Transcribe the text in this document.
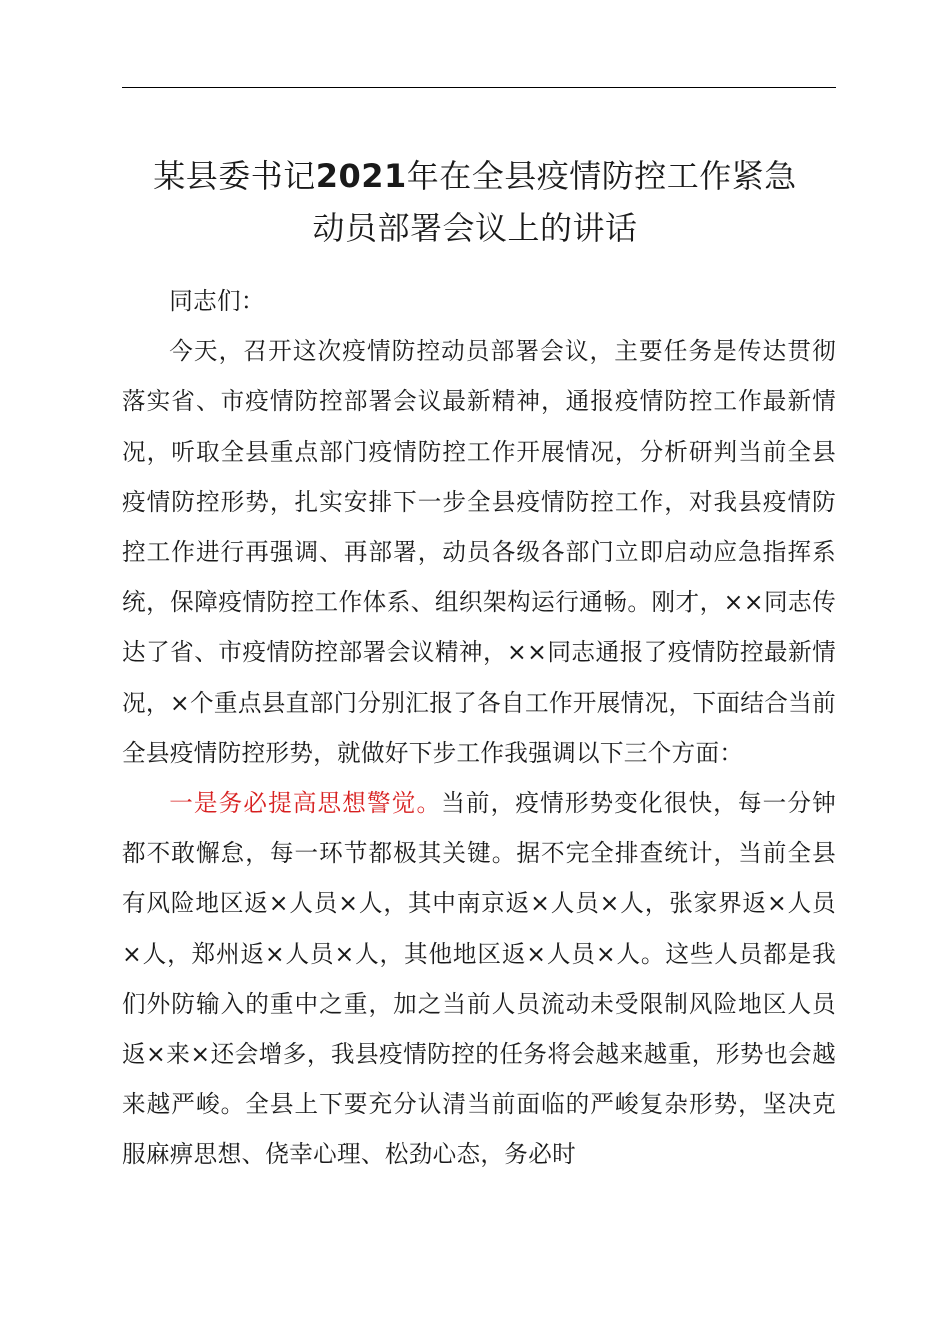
某县委书记2021年在全县疫情防控工作紧急
动员部署会议上的讲话

同志们：

今天，召开这次疫情防控动员部署会议，主要任务是传达贯彻落实省、市疫情防控部署会议最新精神，通报疫情防控工作最新情况，听取全县重点部门疫情防控工作开展情况，分析研判当前全县疫情防控形势，扎实安排下一步全县疫情防控工作，对我县疫情防控工作进行再强调、再部署，动员各级各部门立即启动应急指挥系统，保障疫情防控工作体系、组织架构运行通畅。刚才，××同志传达了省、市疫情防控部署会议精神，××同志通报了疫情防控最新情况，×个重点县直部门分别汇报了各自工作开展情况，下面结合当前全县疫情防控形势，就做好下步工作我强调以下三个方面：

一是务必提高思想警觉。当前，疫情形势变化很快，每一分钟都不敢懈怠，每一环节都极其关键。据不完全排查统计，当前全县有风险地区返×人员×人，其中南京返×人员×人，张家界返×人员×人，郑州返×人员×人，其他地区返×人员×人。这些人员都是我们外防输入的重中之重，加之当前人员流动未受限制风险地区人员返×来×还会增多，我县疫情防控的任务将会越来越重，形势也会越来越严峻。全县上下要充分认清当前面临的严峻复杂形势，坚决克服麻痹思想、侥幸心理、松劲心态，务必时
